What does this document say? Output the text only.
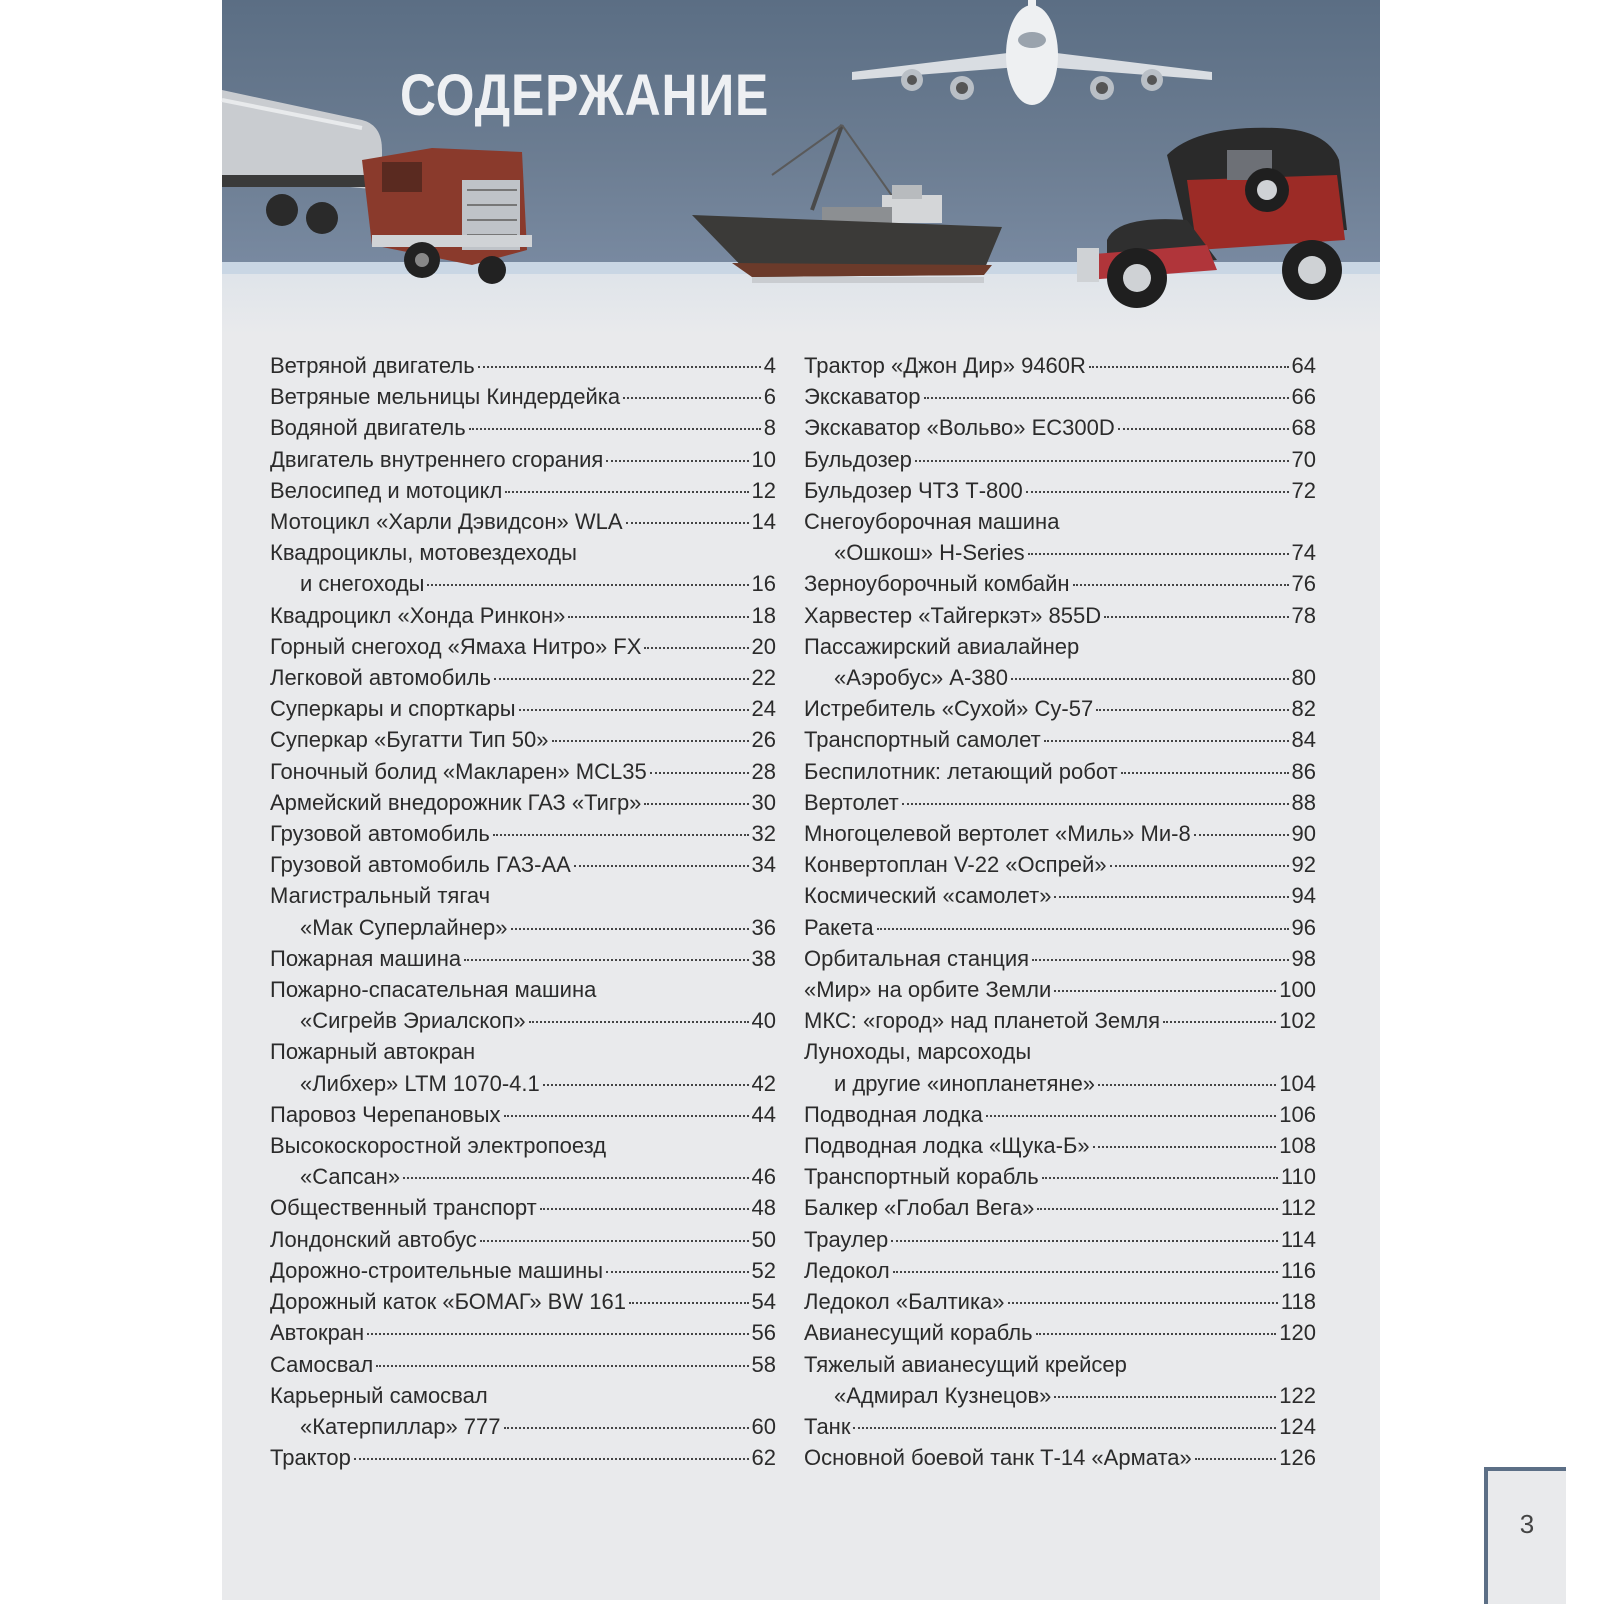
СОДЕРЖАНИЕ
Ветряной двигатель	4
Ветряные мельницы Киндердейка	6
Водяной двигатель	8
Двигатель внутреннего сгорания	10
Велосипед и мотоцикл	12
Мотоцикл «Харли Дэвидсон» WLA	14
Квадроциклы, мотовездеходы
и снегоходы	16
Квадроцикл «Хонда Ринкон»	18
Горный снегоход «Ямаха Нитро» FX	20
Легковой автомобиль	22
Суперкары и спорткары	24
Суперкар «Бугатти Тип 50»	26
Гоночный болид «Макларен» MCL35	28
Армейский внедорожник ГАЗ «Тигр»	30
Грузовой автомобиль	32
Грузовой автомобиль ГАЗ-АА	34
Магистральный тягач
«Мак Суперлайнер»	36
Пожарная машина	38
Пожарно-спасательная машина
«Сигрейв Эриалскоп»	40
Пожарный автокран
«Либхер» LTM 1070-4.1	42
Паровоз Черепановых	44
Высокоскоростной электропоезд
«Сапсан»	46
Общественный транспорт	48
Лондонский автобус	50
Дорожно-строительные машины	52
Дорожный каток «БОМАГ» BW 161	54
Автокран	56
Самосвал	58
Карьерный самосвал
«Катерпиллар» 777	60
Трактор	62
Трактор «Джон Дир» 9460R	64
Экскаватор	66
Экскаватор «Вольво» EC300D	68
Бульдозер	70
Бульдозер ЧТЗ Т-800	72
Снегоуборочная машина
«Ошкош» H-Series	74
Зерноуборочный комбайн	76
Харвестер «Тайгеркэт» 855D	78
Пассажирский авиалайнер
«Аэробус» A-380	80
Истребитель «Сухой» Су-57	82
Транспортный самолет	84
Беспилотник: летающий робот	86
Вертолет	88
Многоцелевой вертолет «Миль» Ми-8	90
Конвертоплан V-22 «Оспрей»	92
Космический «самолет»	94
Ракета	96
Орбитальная станция	98
«Мир» на орбите Земли	100
МКС: «город» над планетой Земля	102
Луноходы, марсоходы
и другие «инопланетяне»	104
Подводная лодка	106
Подводная лодка «Щука-Б»	108
Транспортный корабль	110
Балкер «Глобал Вега»	112
Траулер	114
Ледокол	116
Ледокол «Балтика»	118
Авианесущий корабль	120
Тяжелый авианесущий крейсер
«Адмирал Кузнецов»	122
Танк	124
Основной боевой танк Т-14 «Армата»	126
3
